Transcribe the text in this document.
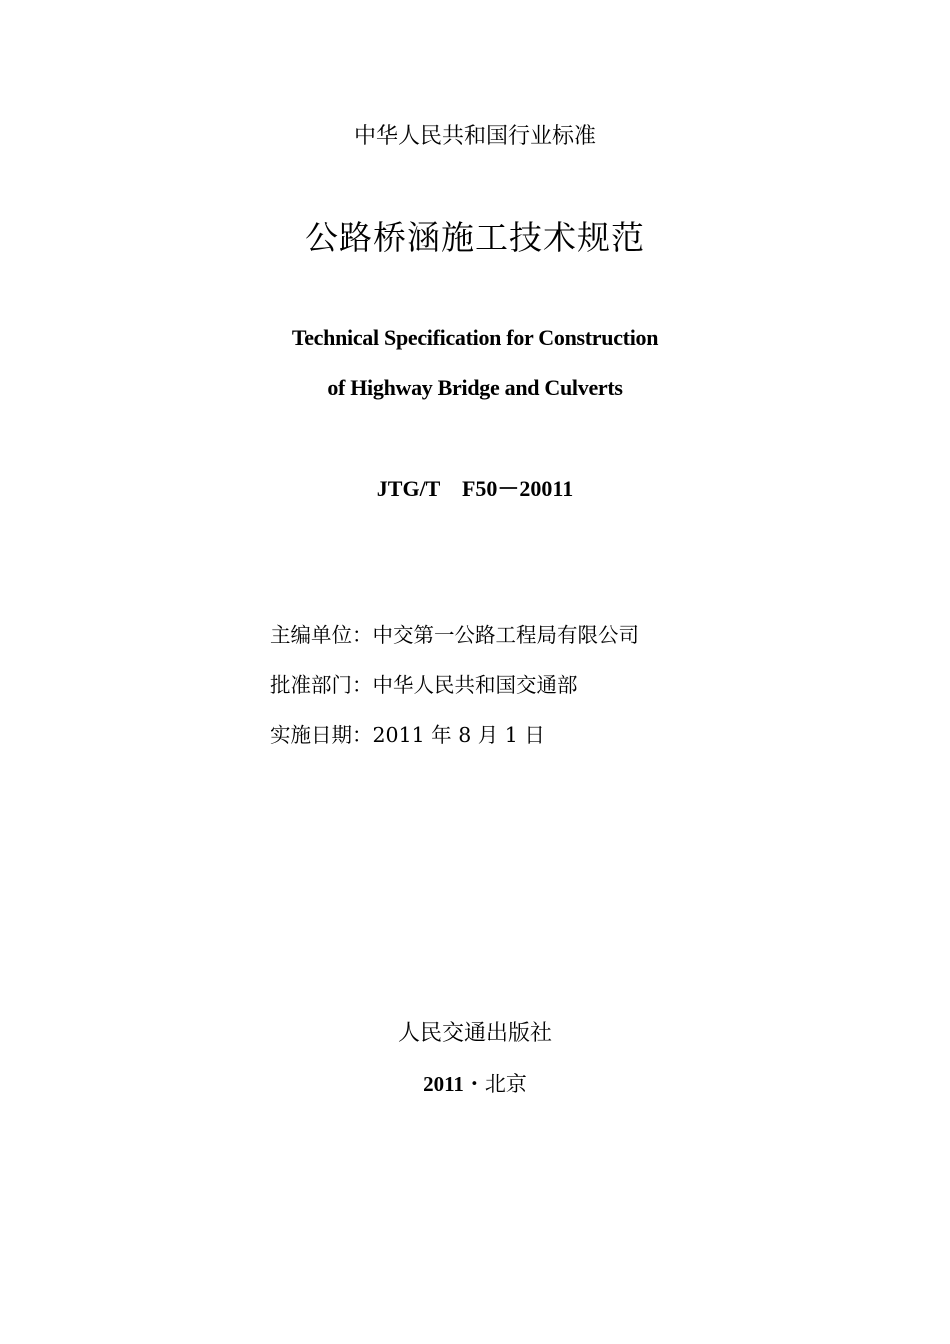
中华人民共和国行业标准
公路桥涵施工技术规范
Technical Specification for Construction
of Highway Bridge and Culverts
JTG/T F50－20011
主编单位：中交第一公路工程局有限公司
批准部门：中华人民共和国交通部
实施日期：2011 年 8 月 1 日
人民交通出版社
2011・北京
